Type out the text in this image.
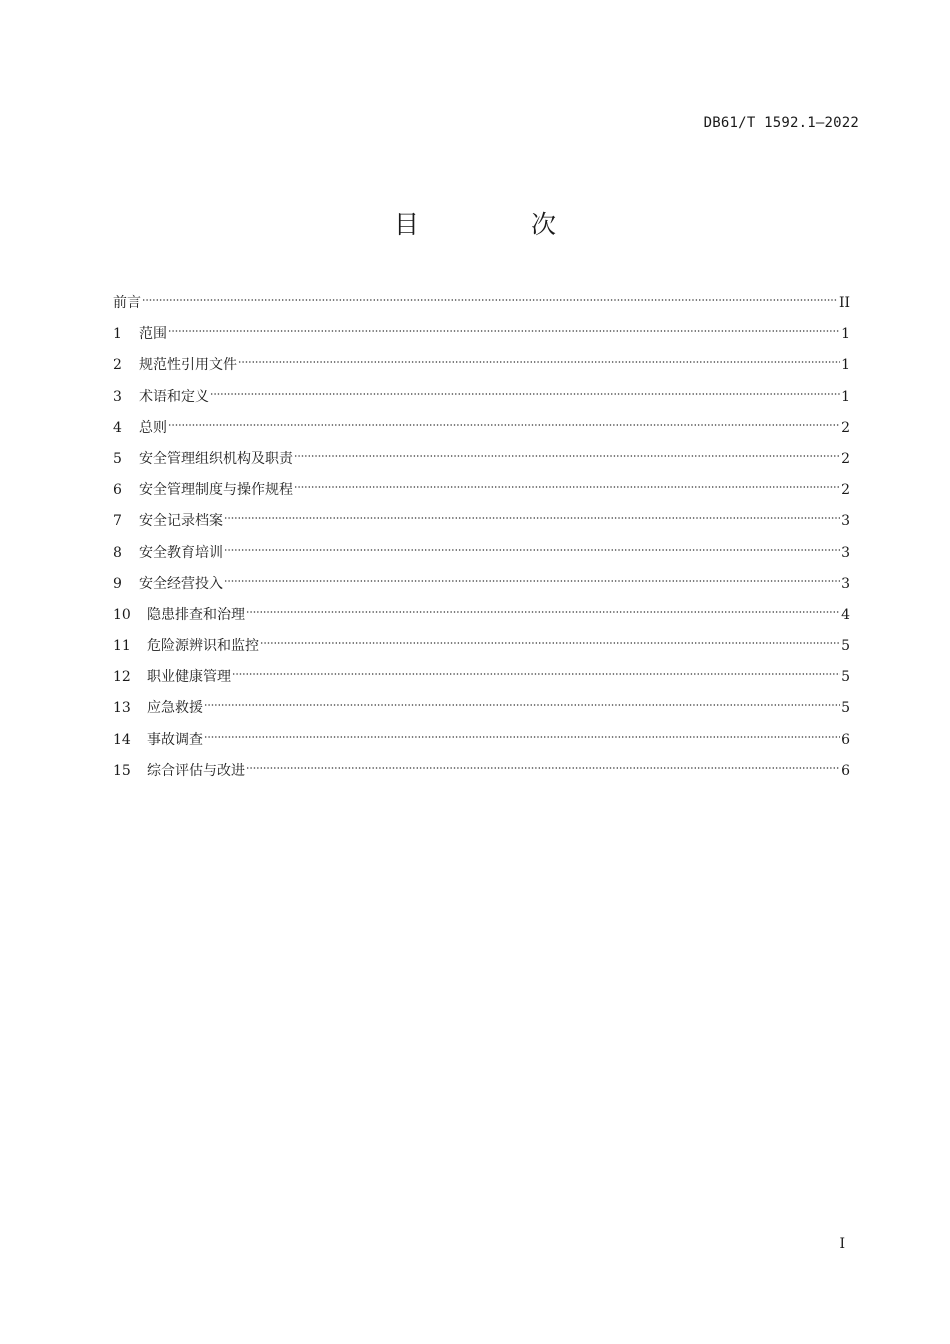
DB61/T 1592.1—2022
目 次
前言	II
1	范围	1
2	规范性引用文件	1
3	术语和定义	1
4	总则	2
5	安全管理组织机构及职责	2
6	安全管理制度与操作规程	2
7	安全记录档案	3
8	安全教育培训	3
9	安全经营投入	3
10	隐患排查和治理	4
11	危险源辨识和监控	5
12	职业健康管理	5
13	应急救援	5
14	事故调查	6
15	综合评估与改进	6
I
